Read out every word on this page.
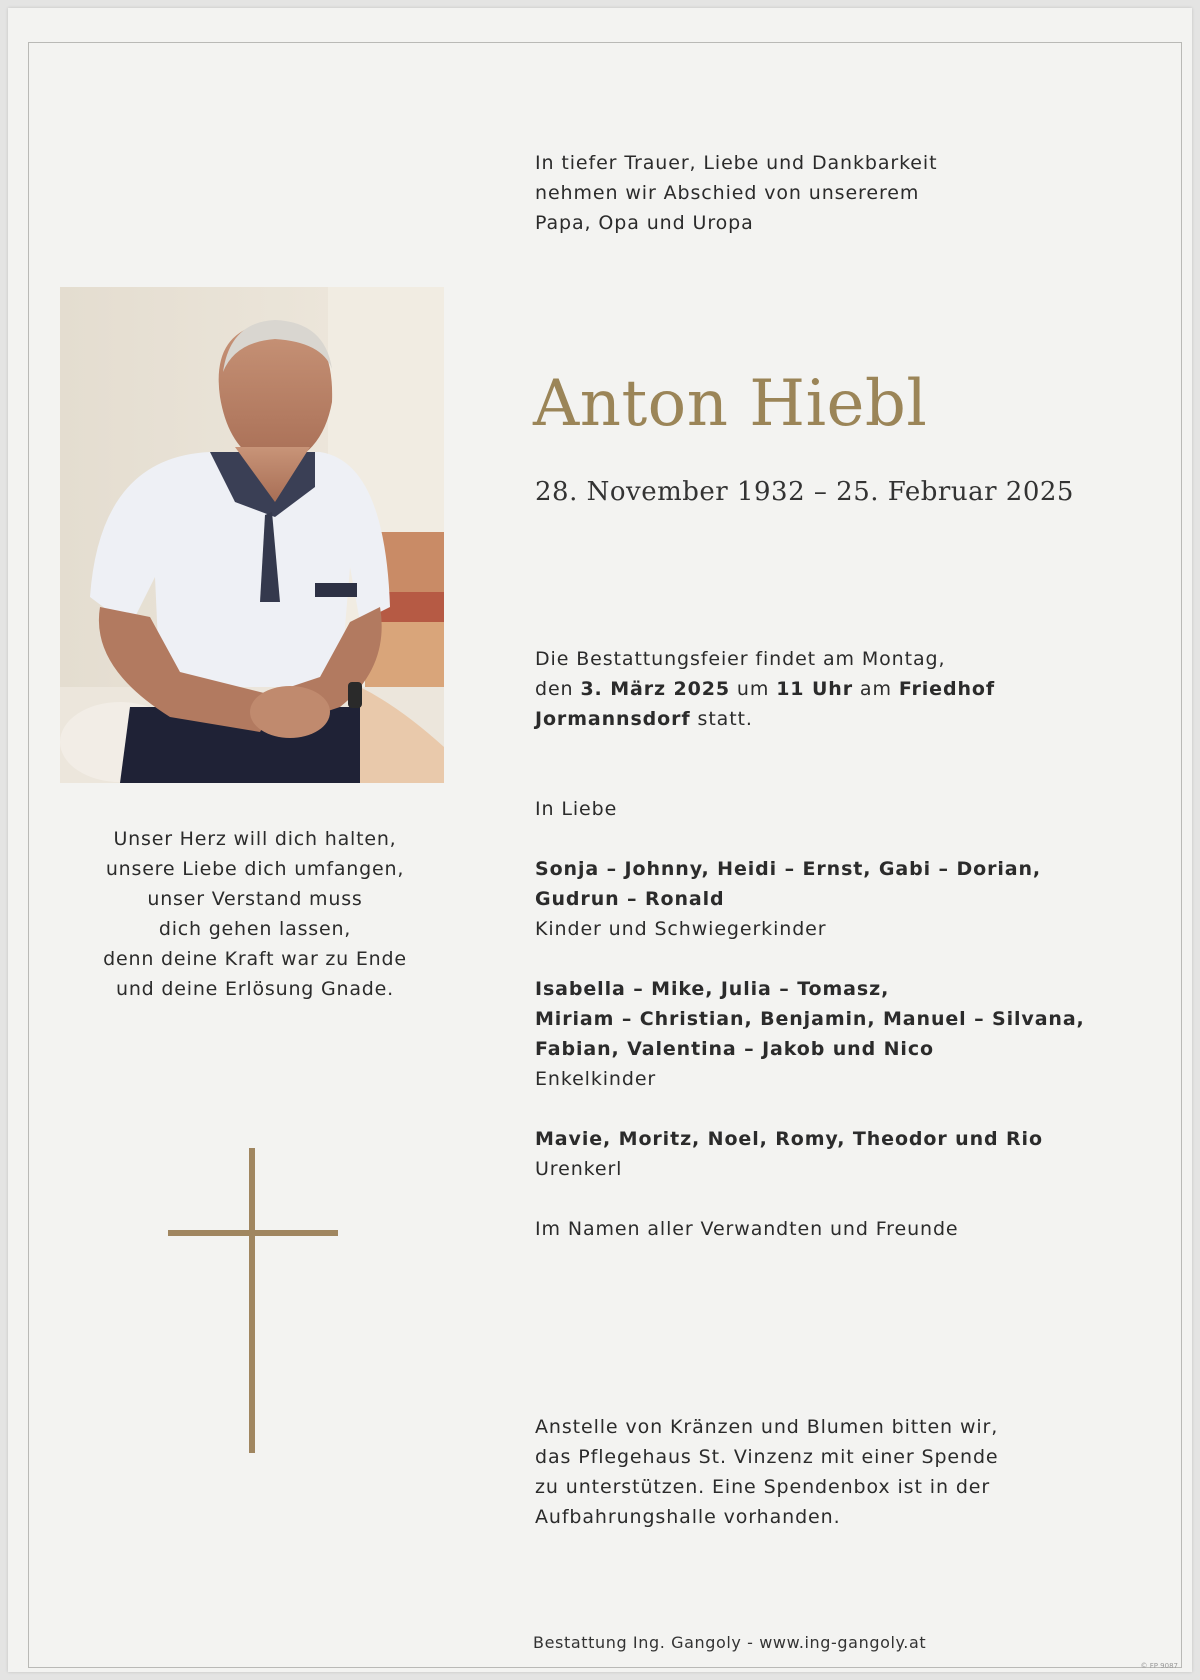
In tiefer Trauer, Liebe und Dankbarkeit
nehmen wir Abschied von unsererem
Papa, Opa und Uropa
Anton Hiebl
28. November 1932 – 25. Februar 2025
Die Bestattungsfeier findet am Montag,
den 3. März 2025 um 11 Uhr am Friedhof
Jormannsdorf statt.
Unser Herz will dich halten,
unsere Liebe dich umfangen,
unser Verstand muss
dich gehen lassen,
denn deine Kraft war zu Ende
und deine Erlösung Gnade.

In Liebe

Sonja – Johnny, Heidi – Ernst, Gabi – Dorian,
Gudrun – Ronald

Kinder und Schwiegerkinder

Isabella – Mike, Julia – Tomasz,
Miriam – Christian, Benjamin, Manuel – Silvana,
Fabian, Valentina – Jakob und Nico

Enkelkinder

Mavie, Moritz, Noel, Romy, Theodor und Rio

Urenkerl

Im Namen aller Verwandten und Freunde

Anstelle von Kränzen und Blumen bitten wir,
das Pflegehaus St. Vinzenz mit einer Spende
zu unterstützen. Eine Spendenbox ist in der
Aufbahrungshalle vorhanden.
Bestattung Ing. Gangoly - www.ing-gangoly.at
© FP 9087
